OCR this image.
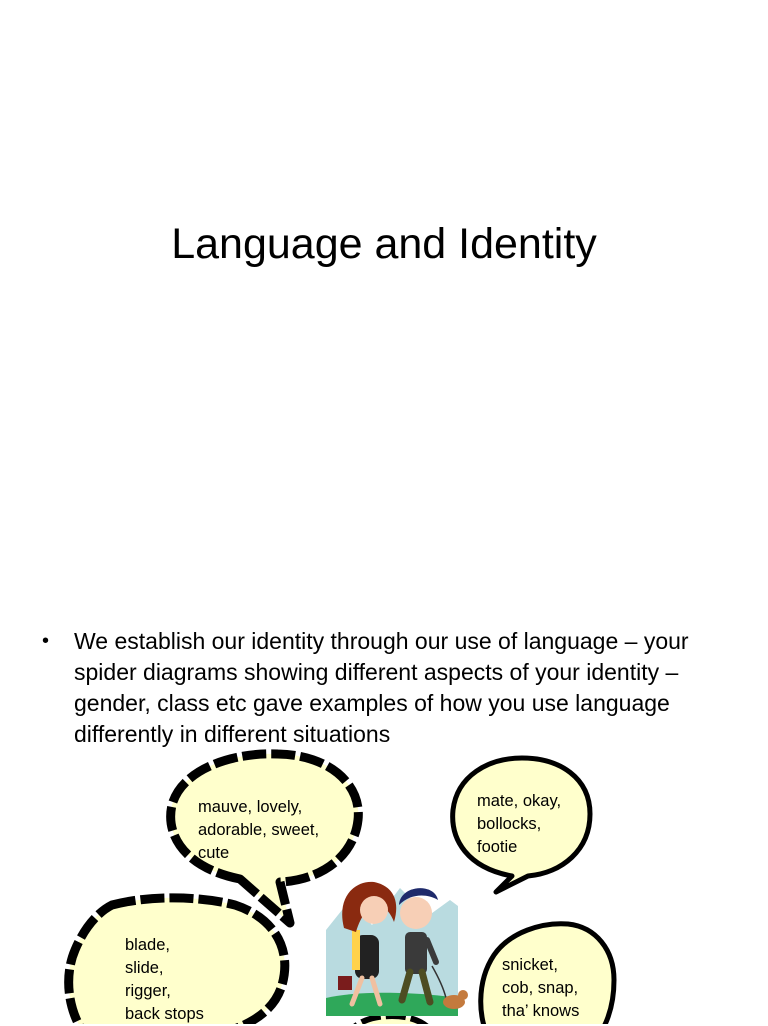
Language and Identity
• We establish our identity through our use of language – your spider diagrams showing different aspects of your identity – gender, class etc gave examples of how you use language differently in different situations
mauve, lovely,
adorable, sweet,
cute
mate, okay,
bollocks,
footie
blade,
slide,
rigger,
back stops
snicket,
cob, snap,
tha’ knows
